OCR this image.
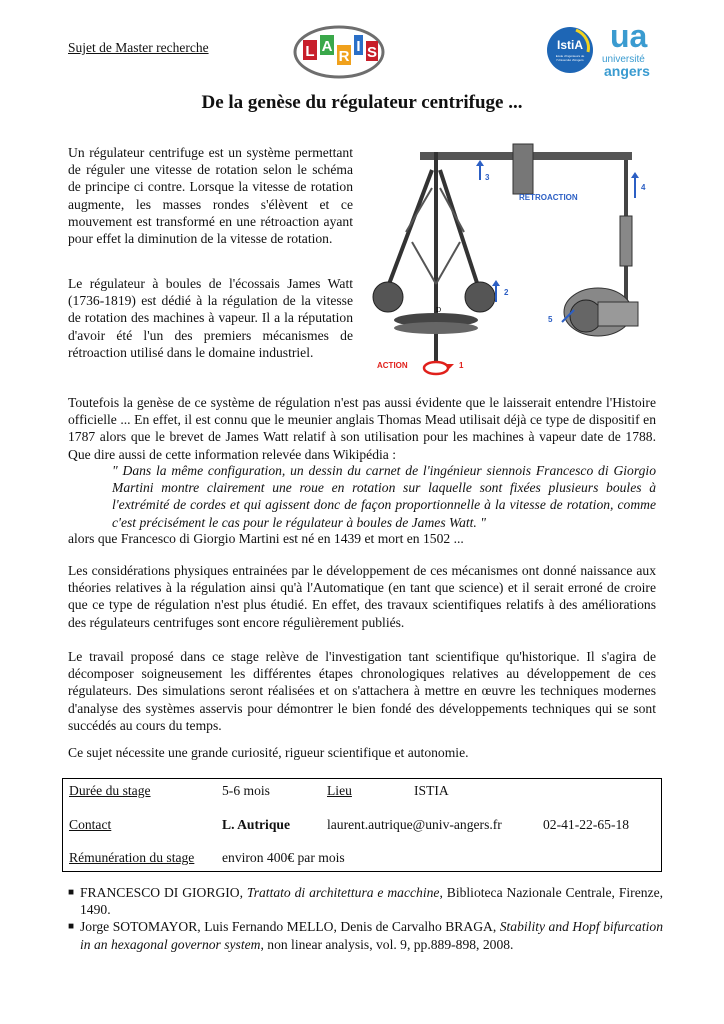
Sujet de Master recherche	L A
R
I S	IstiA
Ecole d'ingénieurs de l'Université d'Angers
ua
université
angers
De la genèse du régulateur centrifuge ...
Un régulateur centrifuge est un système permettant de réguler une vitesse de rotation selon le schéma de principe ci contre. Lorsque la vitesse de rotation augmente, les masses rondes s'élèvent et ce mouvement est transformé en une rétroaction ayant pour effet la diminution de la vitesse de rotation.
Le régulateur à boules de l'écossais James Watt (1736-1819) est dédié à la régulation de la vitesse de rotation des machines à vapeur. Il a la réputation d'avoir été l'un des premiers mécanismes de rétroaction utilisé dans le domaine industriel.
D
RETROACTION
ACTION	1
2
3
4
5
Toutefois la genèse de ce système de régulation n'est pas aussi évidente que le laisserait entendre l'Histoire officielle ... En effet, il est connu que le meunier anglais Thomas Mead utilisait déjà ce type de dispositif en 1787 alors que le brevet de James Watt relatif à son utilisation pour les machines à vapeur date de 1788. Que dire aussi de cette information relevée dans Wikipédia :
" Dans la même configuration, un dessin du carnet de l'ingénieur siennois Francesco di Giorgio Martini montre clairement une roue en rotation sur laquelle sont fixées plusieurs boules à l'extrémité de cordes et qui agissent donc de façon proportionnelle à la vitesse de rotation, comme c'est précisément le cas pour le régulateur à boules de James Watt. "
alors que Francesco di Giorgio Martini est né en 1439 et mort en 1502 ...
Les considérations physiques entrainées par le développement de ces mécanismes ont donné naissance aux théories relatives à la régulation ainsi qu'à l'Automatique (en tant que science) et il serait erroné de croire que ce type de régulation n'est plus étudié. En effet, des travaux scientifiques relatifs à des améliorations des régulateurs centrifuges sont encore régulièrement publiés.
Le travail proposé dans ce stage relève de l'investigation tant scientifique qu'historique. Il s'agira de décomposer soigneusement les différentes étapes chronologiques relatives au développement de ces régulateurs. Des simulations seront réalisées et on s'attachera à mettre en œuvre les techniques modernes d'analyse des systèmes asservis pour démontrer le bien fondé des développements techniques qui se sont succédés au cours du temps.
Ce sujet nécessite une grande curiosité, rigueur scientifique et autonomie.
Durée du stage	5-6 mois	Lieu	ISTIA
Contact	L. Autrique	laurent.autrique@univ-angers.fr	02-41-22-65-18
Rémunération du stage environ 400€ par mois
■ FRANCESCO DI GIORGIO, Trattato di architettura e macchine, Biblioteca Nazionale Centrale, Firenze, 1490.
■ Jorge SOTOMAYOR, Luis Fernando MELLO, Denis de Carvalho BRAGA, Stability and Hopf bifurcation in an hexagonal governor system, non linear analysis, vol. 9, pp.889-898, 2008.
